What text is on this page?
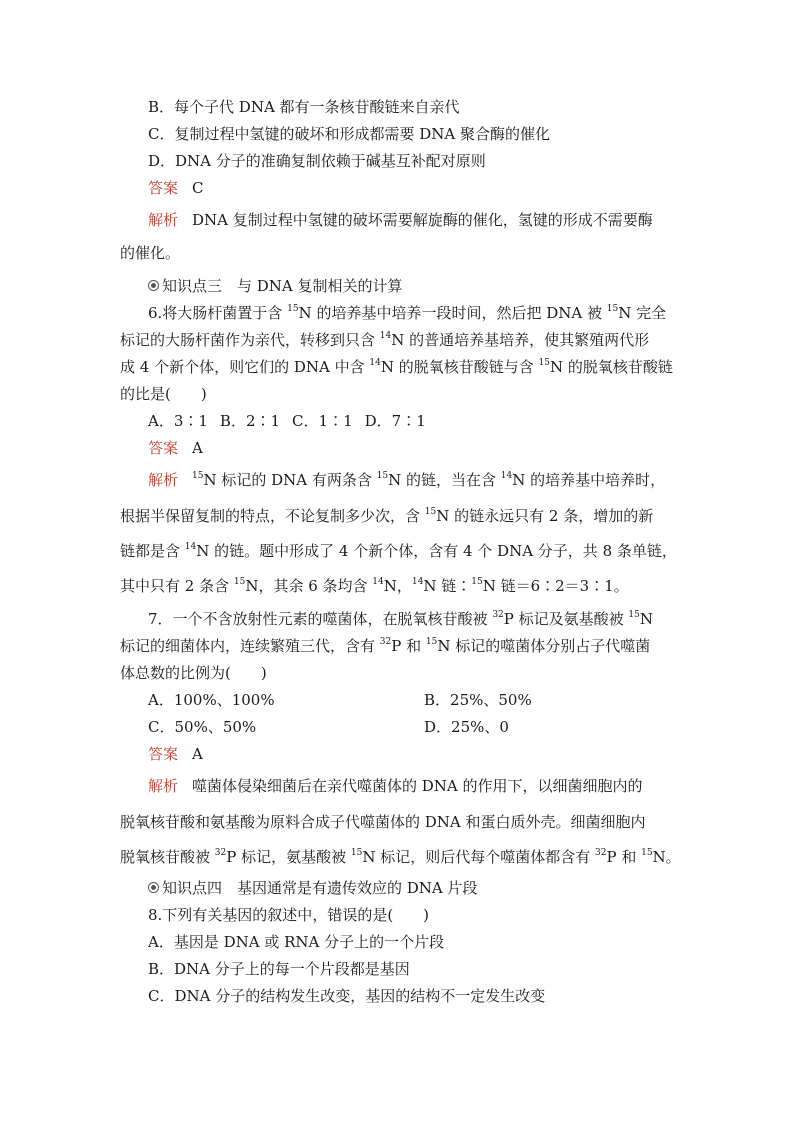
B．每个子代 DNA 都有一条核苷酸链来自亲代
C．复制过程中氢键的破坏和形成都需要 DNA 聚合酶的催化
D．DNA 分子的准确复制依赖于碱基互补配对原则
答案 C
解析 DNA 复制过程中氢键的破坏需要解旋酶的催化，氢键的形成不需要酶
的催化。
知识点三　与 DNA 复制相关的计算
6.将大肠杆菌置于含 $^{15}$N 的培养基中培养一段时间，然后把 DNA 被 $^{15}$N 完全
标记的大肠杆菌作为亲代，转移到只含 $^{14}$N 的普通培养基培养，使其繁殖两代形
成 4 个新个体，则它们的 DNA 中含 $^{14}$N 的脱氧核苷酸链与含 $^{15}$N 的脱氧核苷酸链
的比是(　　)
A．3∶1 B．2∶1 C．1∶1 D．7∶1
答案 A
解析 $^{15}$N 标记的 DNA 有两条含 $^{15}$N 的链，当在含 $^{14}$N 的培养基中培养时，
根据半保留复制的特点，不论复制多少次，含 $^{15}$N 的链永远只有 2 条，增加的新
链都是含 $^{14}$N 的链。题中形成了 4 个新个体，含有 4 个 DNA 分子，共 8 条单链，
其中只有 2 条含 $^{15}$N，其余 6 条均含 $^{14}$N，$^{14}$N 链∶$^{15}$N 链＝6∶2＝3∶1。
7．一个不含放射性元素的噬菌体，在脱氧核苷酸被 $^{32}$P 标记及氨基酸被 $^{15}$N
标记的细菌体内，连续繁殖三代，含有 $^{32}$P 和 $^{15}$N 标记的噬菌体分别占子代噬菌
体总数的比例为(　　)
A．100%、100%	B．25%、50%
C．50%、50%	D．25%、0
答案 A
解析 噬菌体侵染细菌后在亲代噬菌体的 DNA 的作用下，以细菌细胞内的
脱氧核苷酸和氨基酸为原料合成子代噬菌体的 DNA 和蛋白质外壳。细菌细胞内
脱氧核苷酸被 $^{32}$P 标记，氨基酸被 $^{15}$N 标记，则后代每个噬菌体都含有 $^{32}$P 和 $^{15}$N。
知识点四　基因通常是有遗传效应的 DNA 片段
8.下列有关基因的叙述中，错误的是(　　)
A．基因是 DNA 或 RNA 分子上的一个片段
B．DNA 分子上的每一个片段都是基因
C．DNA 分子的结构发生改变，基因的结构不一定发生改变
